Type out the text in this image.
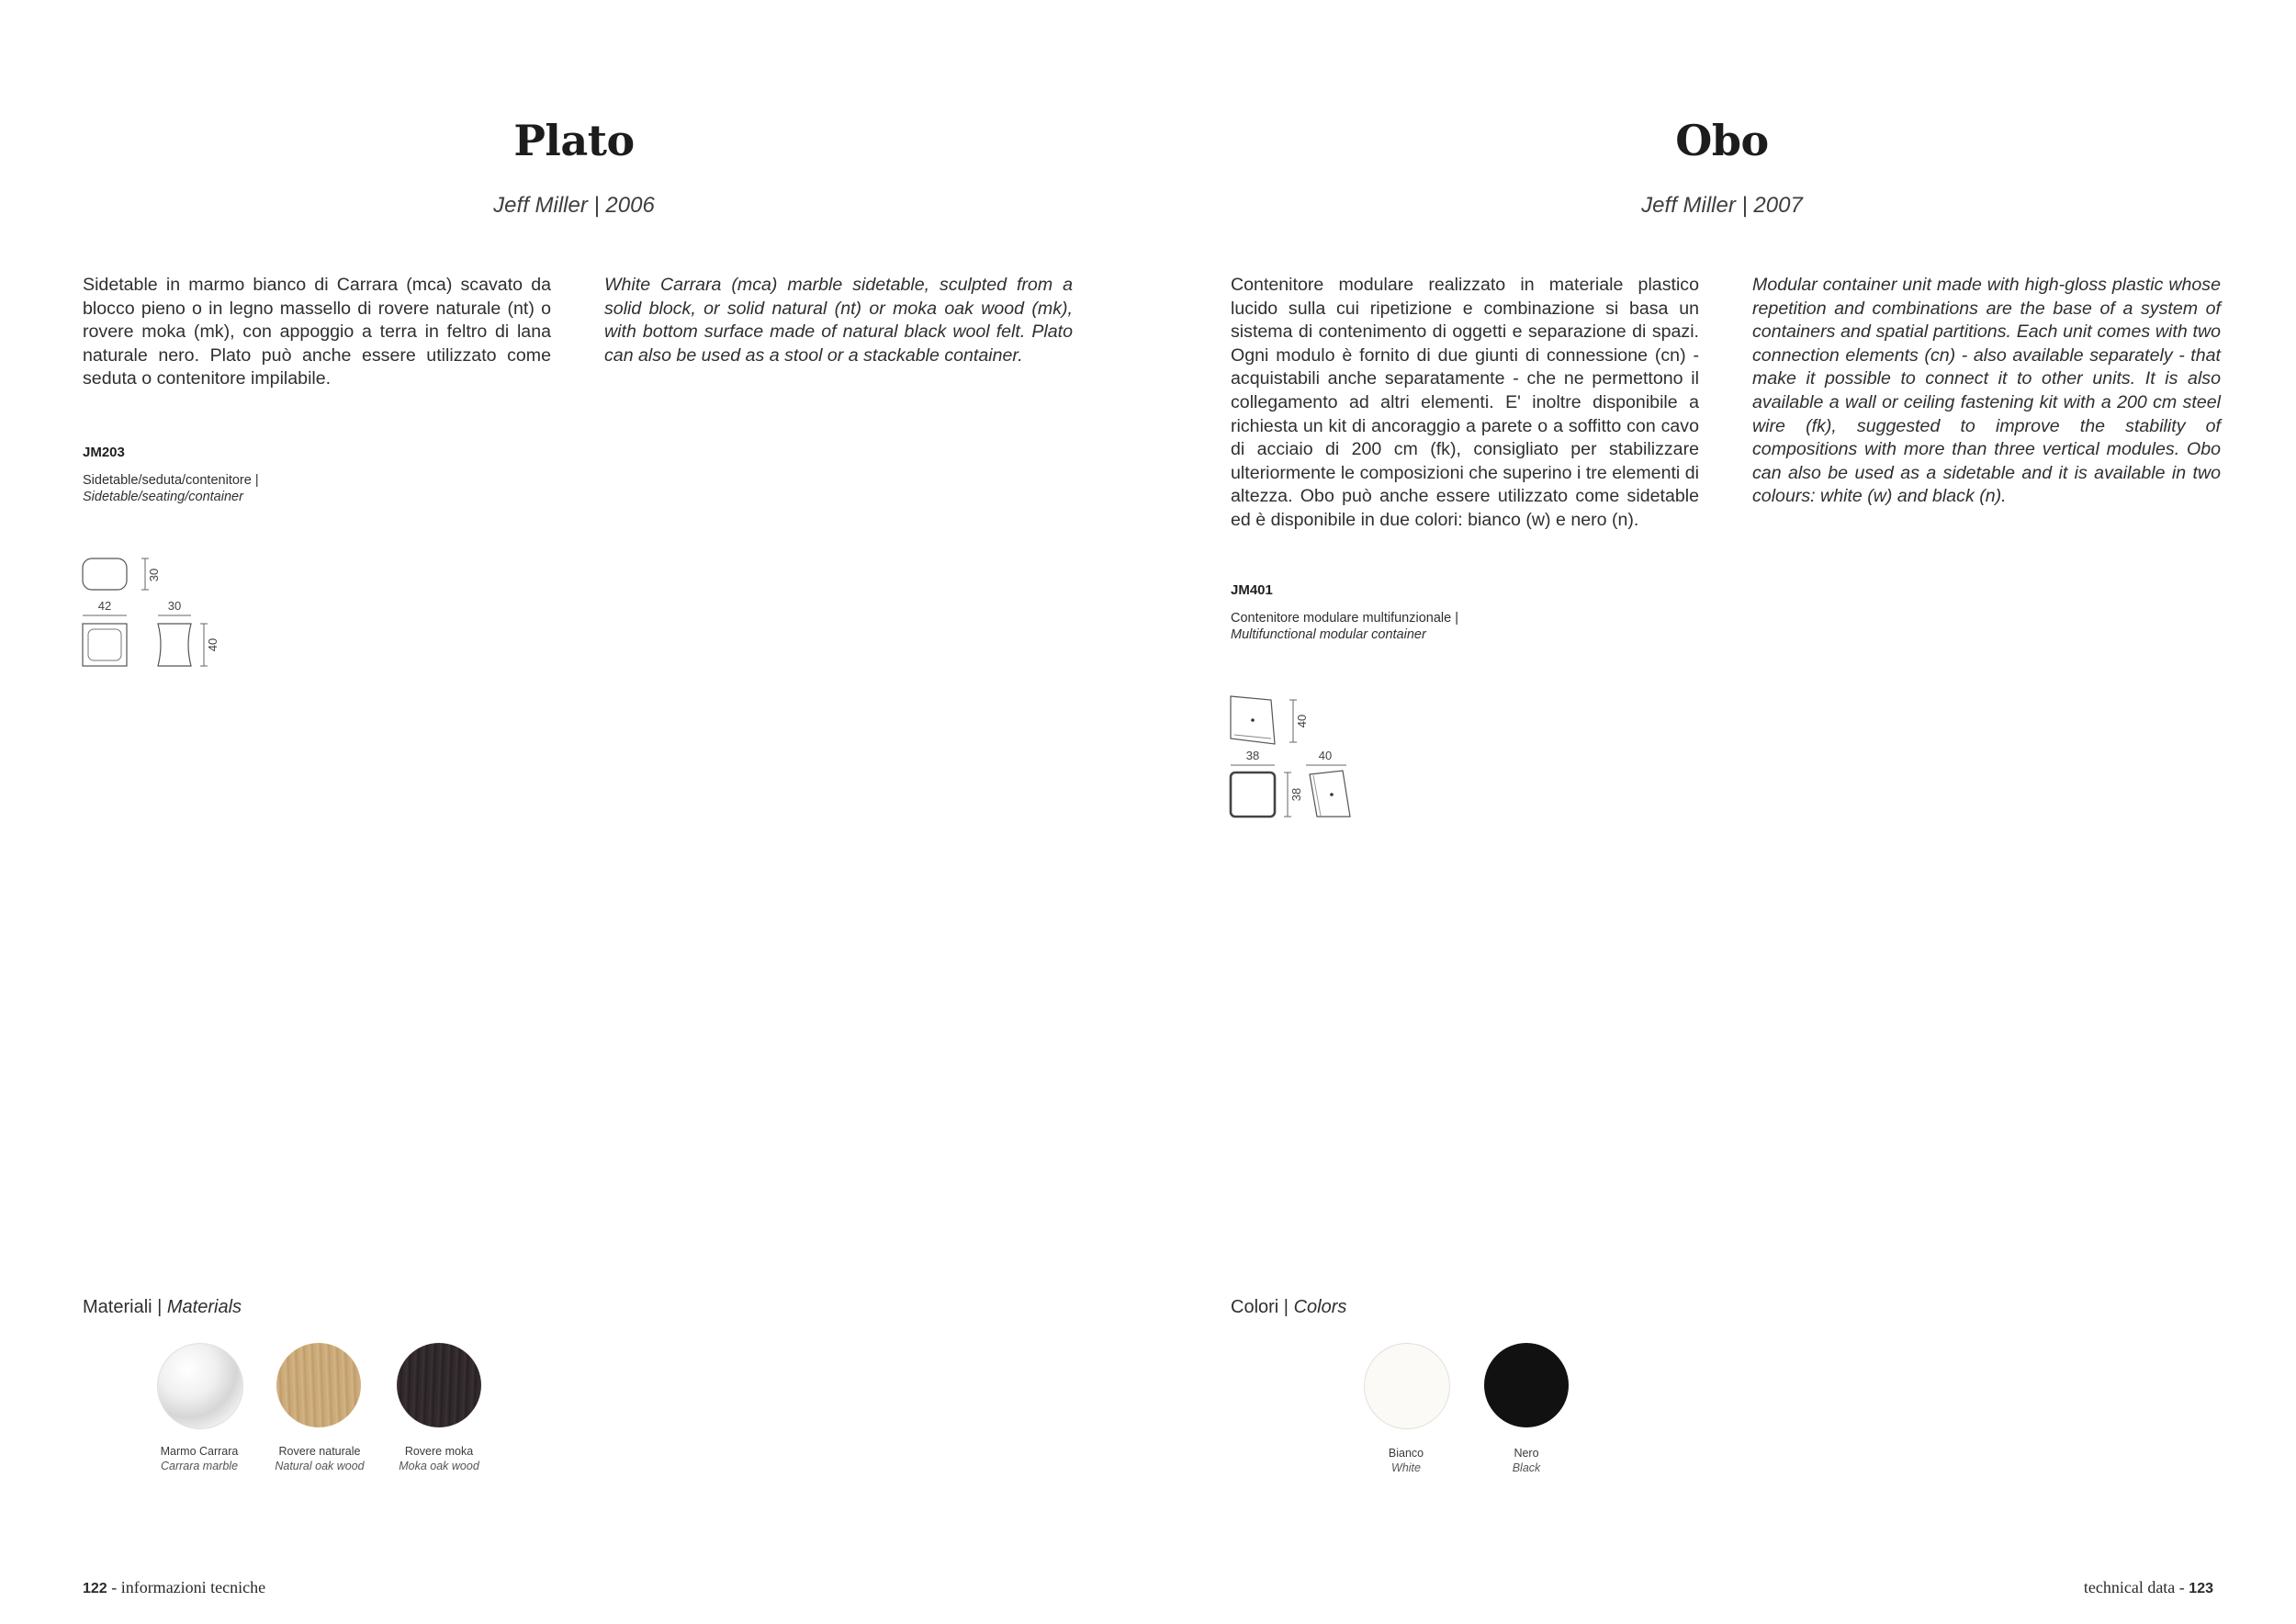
Plato
Jeff Miller | 2006
Sidetable in marmo bianco di Carrara (mca) scavato da blocco pieno o in legno massello di rovere naturale (nt) o rovere moka (mk), con appoggio a terra in feltro di lana naturale nero. Plato può anche essere utilizzato come seduta o contenitore impilabile.
White Carrara (mca) marble sidetable, sculpted from a solid block, or solid natural (nt) or moka oak wood (mk), with bottom surface made of natural black wool felt. Plato can also be used as a stool or a stackable container.
JM203
Sidetable/seduta/contenitore |
Sidetable/seating/container
30
42	30
40
Materiali | Materials
Marmo Carrara
Carrara marble
Rovere naturale
Natural oak wood
Rovere moka
Moka oak wood
122 - informazioni tecniche
Obo
Jeff Miller | 2007
Contenitore modulare realizzato in materiale plastico lucido sulla cui ripetizione e combinazione si basa un sistema di contenimento di oggetti e separazione di spazi. Ogni modulo è fornito di due giunti di connessione (cn) - acquistabili anche separatamente - che ne permettono il collegamento ad altri elementi. E' inoltre disponibile a richiesta un kit di ancoraggio a parete o a soffitto con cavo di acciaio di 200 cm (fk), consigliato per stabilizzare ulteriormente le composizioni che superino i tre elementi di altezza. Obo può anche essere utilizzato come sidetable ed è disponibile in due colori: bianco (w) e nero (n).
Modular container unit made with high-gloss plastic whose repetition and combinations are the base of a system of containers and spatial partitions. Each unit comes with two connection elements (cn) - also available separately - that make it possible to connect it to other units. It is also available a wall or ceiling fastening kit with a 200 cm steel wire (fk), suggested to improve the stability of compositions with more than three vertical modules. Obo can also be used as a sidetable and it is available in two colours: white (w) and black (n).
JM401
Contenitore modulare multifunzionale |
Multifunctional modular container
40
38
38
40
Colori | Colors
Bianco
White
Nero
Black
technical data - 123
